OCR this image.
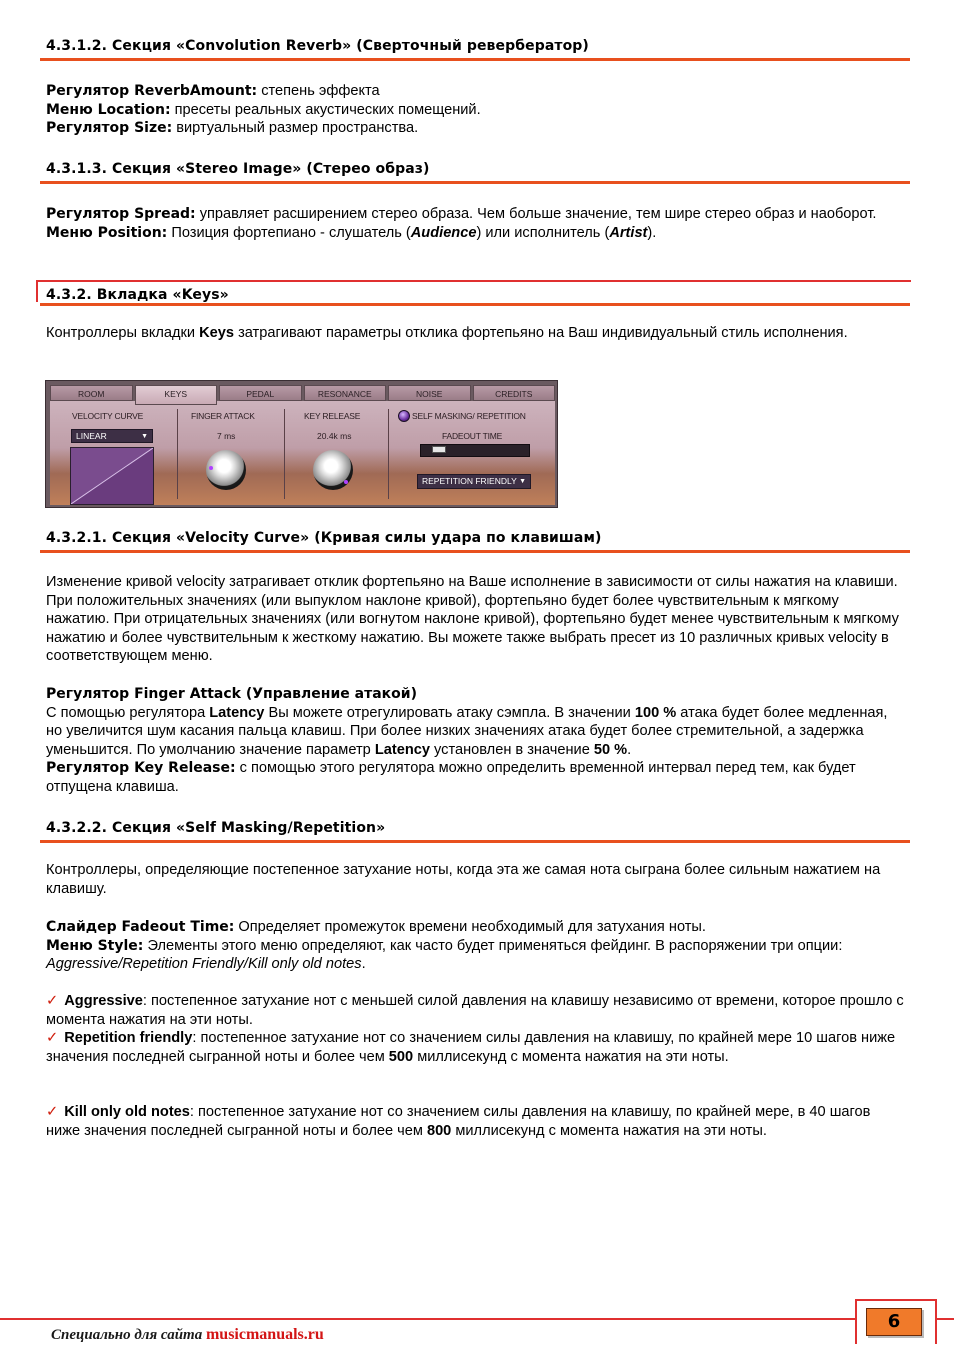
4.3.1.2. Секция «Convolution Reverb» (Сверточный ревербератор)
Регулятор ReverbAmount: степень эффекта
Меню Location: пресеты реальных акустических помещений.
Регулятор Size: виртуальный размер пространства.
4.3.1.3. Секция «Stereo Image» (Стерео образ)
Регулятор Spread: управляет расширением стерео образа. Чем больше значение, тем шире стерео образ и наоборот.
Меню Position: Позиция фортепиано - слушатель (Audience) или исполнитель (Artist).
4.3.2. Вкладка «Keys»
Контроллеры вкладки Keys затрагивают параметры отклика фортепьяно на Ваш индивидуальный стиль исполнения.
ROOM	KEYS	PEDAL	RESONANCE	NOISE	CREDITS
VELOCITY CURVE	FINGER ATTACK
7 ms
KEY RELEASE
20.4k ms
SELF MASKING/ REPETITION
FADEOUT TIME
REPETITION FRIENDLY ▼
LINEAR	▼
4.3.2.1. Секция «Velocity Curve» (Кривая силы удара по клавишам)
Изменение кривой velocity затрагивает отклик фортепьяно на Ваше исполнение в зависимости от силы нажатия на клавиши. При положительных значениях (или выпуклом наклоне кривой), фортепьяно будет более чувствительным к мягкому нажатию. При отрицательных значениях (или вогнутом наклоне кривой), фортепьяно будет менее чувствительным к мягкому нажатию и более чувствительным к жесткому нажатию. Вы можете также выбрать пресет из 10 различных кривых velocity в соответствующем меню.
Регулятор Finger Attack (Управление атакой)
С помощью регулятора Latency Вы можете отрегулировать атаку сэмпла. В значении 100 % атака будет более медленная, но увеличится шум касания пальца клавиш. При более низких значениях атака будет более стремительной, а задержка уменьшится. По умолчанию значение параметр Latency установлен в значение 50 %.
Регулятор Key Release: с помощью этого регулятора можно определить временной интервал перед тем, как будет отпущена клавиша.
4.3.2.2. Секция «Self Masking/Repetition»
Контроллеры, определяющие постепенное затухание ноты, когда эта же самая нота сыграна более сильным нажатием на клавишу.
Слайдер Fadeout Time: Определяет промежуток времени необходимый для затухания ноты.
Меню Style: Элементы этого меню определяют, как часто будет применяться фейдинг. В распоряжении три опции: Aggressive/Repetition Friendly/Kill only old notes.
✓ Aggressive: постепенное затухание нот с меньшей силой давления на клавишу независимо от времени, которое прошло с момента нажатия на эти ноты.
✓ Repetition friendly: постепенное затухание нот со значением силы давления на клавишу, по крайней мере 10 шагов ниже значения последней сыгранной ноты и более чем 500 миллисекунд с момента нажатия на эти ноты.
✓ Kill only old notes: постепенное затухание нот со значением силы давления на клавишу, по крайней мере, в 40 шагов ниже значения последней сыгранной ноты и более чем 800 миллисекунд с момента нажатия на эти ноты.
6
Специально для сайта musicmanuals.ru
